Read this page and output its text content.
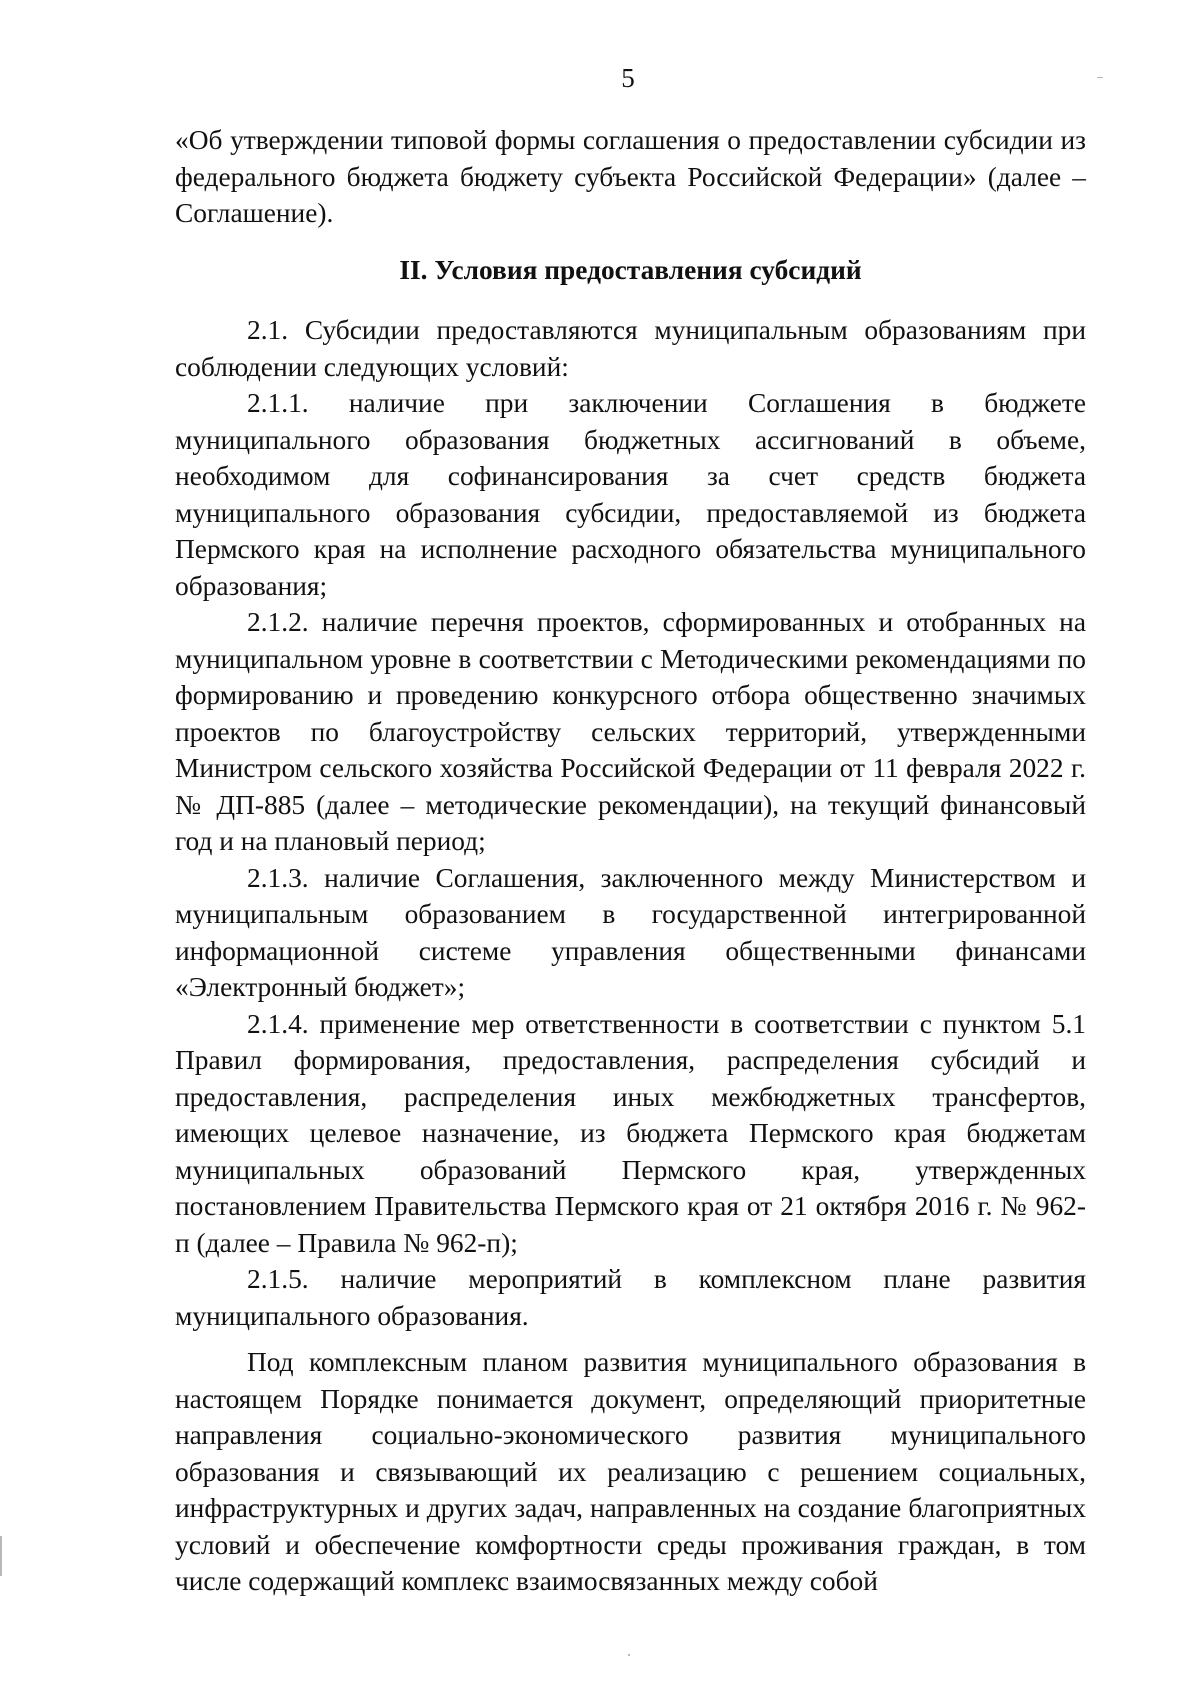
5

«Об утверждении типовой формы соглашения о предоставлении субсидии из федерального бюджета бюджету субъекта Российской Федерации» (далее – Соглашение).

II. Условия предоставления субсидий

2.1. Субсидии предоставляются муниципальным образованиям при соблюдении следующих условий:

2.1.1. наличие при заключении Соглашения в бюджете муниципального образования бюджетных ассигнований в объеме, необходимом для софинансирования за счет средств бюджета муниципального образования субсидии, предоставляемой из бюджета Пермского края на исполнение расходного обязательства муниципального образования;

2.1.2. наличие перечня проектов, сформированных и отобранных на муниципальном уровне в соответствии с Методическими рекомендациями по формированию и проведению конкурсного отбора общественно значимых проектов по благоустройству сельских территорий, утвержденными Министром сельского хозяйства Российской Федерации от 11 февраля 2022 г. № ДП-885 (далее – методические рекомендации), на текущий финансовый год и на плановый период;

2.1.3. наличие Соглашения, заключенного между Министерством и муниципальным образованием в государственной интегрированной информационной системе управления общественными финансами «Электронный бюджет»;

2.1.4. применение мер ответственности в соответствии с пунктом 5.1 Правил формирования, предоставления, распределения субсидий и предоставления, распределения иных межбюджетных трансфертов, имеющих целевое назначение, из бюджета Пермского края бюджетам муниципальных образований Пермского края, утвержденных постановлением Правительства Пермского края от 21 октября 2016 г. № 962-п (далее – Правила № 962-п);

2.1.5. наличие мероприятий в комплексном плане развития муниципального образования.

Под комплексным планом развития муниципального образования в настоящем Порядке понимается документ, определяющий приоритетные направления социально-экономического развития муниципального образования и связывающий их реализацию с решением социальных, инфраструктурных и других задач, направленных на создание благоприятных условий и обеспечение комфортности среды проживания граждан, в том числе содержащий комплекс взаимосвязанных между собой
